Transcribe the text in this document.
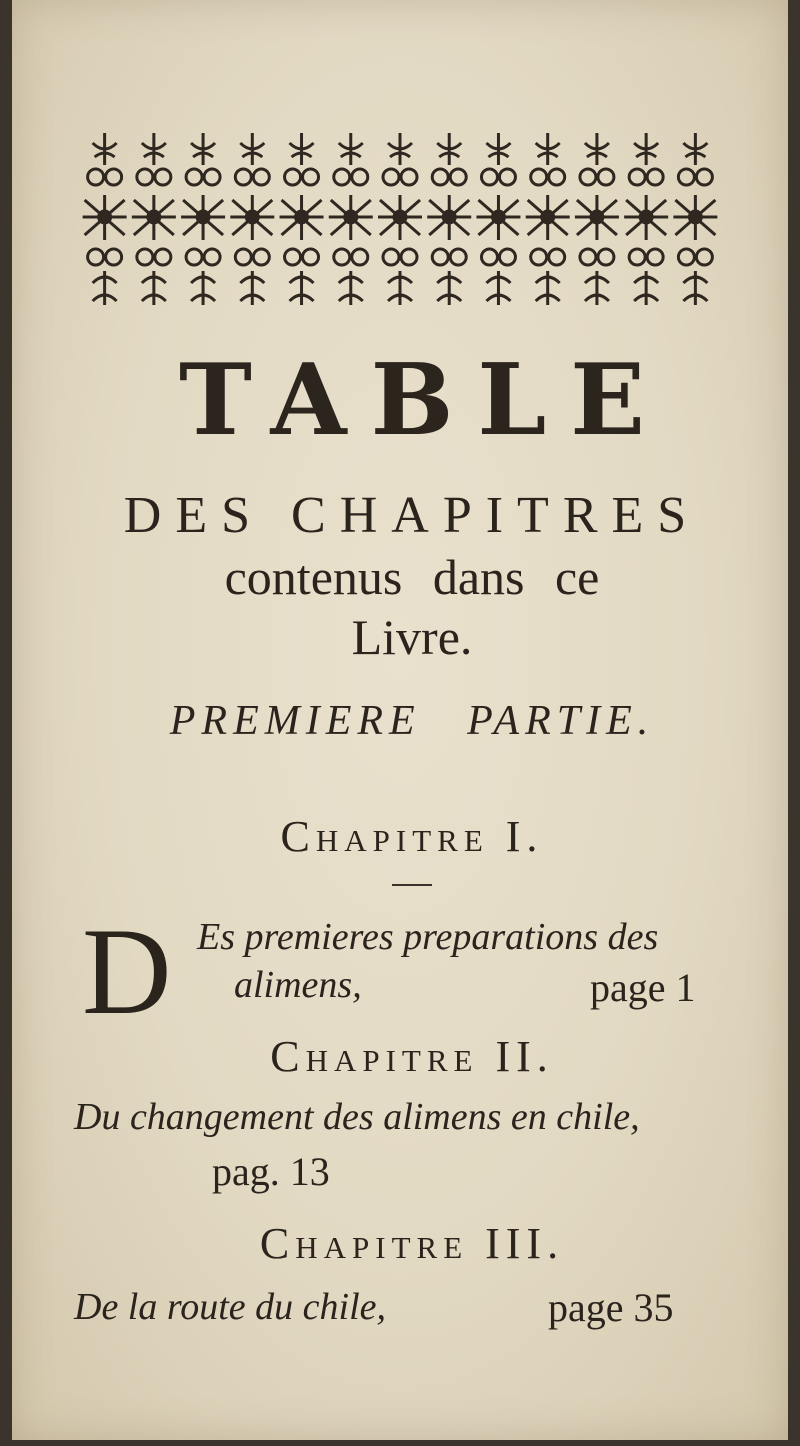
TABLE
DES CHAPITRES
contenus dans ce
Livre.
PREMIERE PARTIE.
Chapitre I.
D Es premieres preparations des
alimens,	page 1
Chapitre II.
Du changement des alimens en chile,
pag. 13
Chapitre III.
De la route du chile,	page 35
